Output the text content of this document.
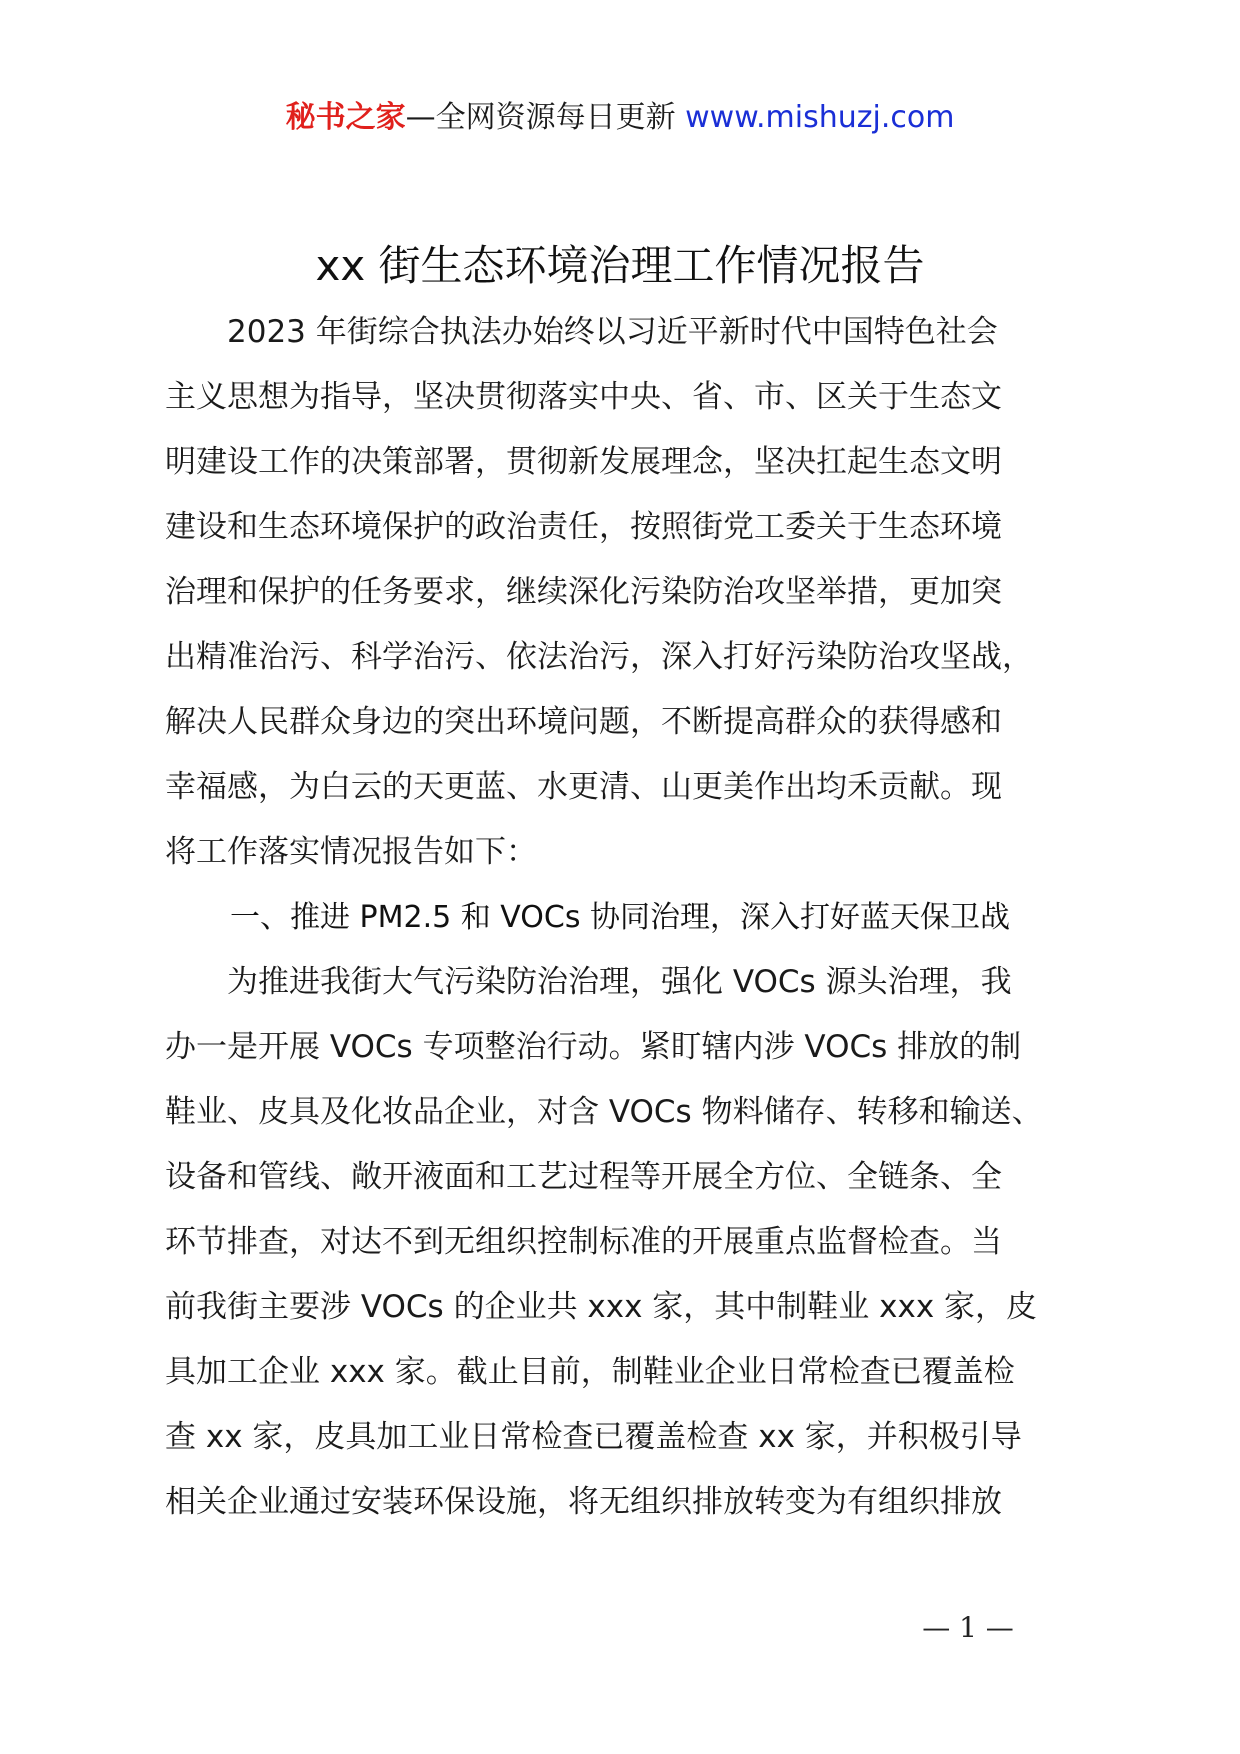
秘书之家—全网资源每日更新 www.mishuzj.com
xx 街生态环境治理工作情况报告
　　2023 年街综合执法办始终以习近平新时代中国特色社会
主义思想为指导，坚决贯彻落实中央、省、市、区关于生态文
明建设工作的决策部署，贯彻新发展理念，坚决扛起生态文明
建设和生态环境保护的政治责任，按照街党工委关于生态环境
治理和保护的任务要求，继续深化污染防治攻坚举措，更加突
出精准治污、科学治污、依法治污，深入打好污染防治攻坚战，
解决人民群众身边的突出环境问题，不断提高群众的获得感和
幸福感，为白云的天更蓝、水更清、山更美作出均禾贡献。现
将工作落实情况报告如下：
一、推进 PM2.5 和 VOCs 协同治理，深入打好蓝天保卫战
　　为推进我街大气污染防治治理，强化 VOCs 源头治理，我
办一是开展 VOCs 专项整治行动。紧盯辖内涉 VOCs 排放的制
鞋业、皮具及化妆品企业，对含 VOCs 物料储存、转移和输送、
设备和管线、敞开液面和工艺过程等开展全方位、全链条、全
环节排查，对达不到无组织控制标准的开展重点监督检查。当
前我街主要涉 VOCs 的企业共 xxx 家，其中制鞋业 xxx 家，皮
具加工企业 xxx 家。截止目前，制鞋业企业日常检查已覆盖检
查 xx 家，皮具加工业日常检查已覆盖检查 xx 家，并积极引导
相关企业通过安装环保设施，将无组织排放转变为有组织排放
— 1 —
